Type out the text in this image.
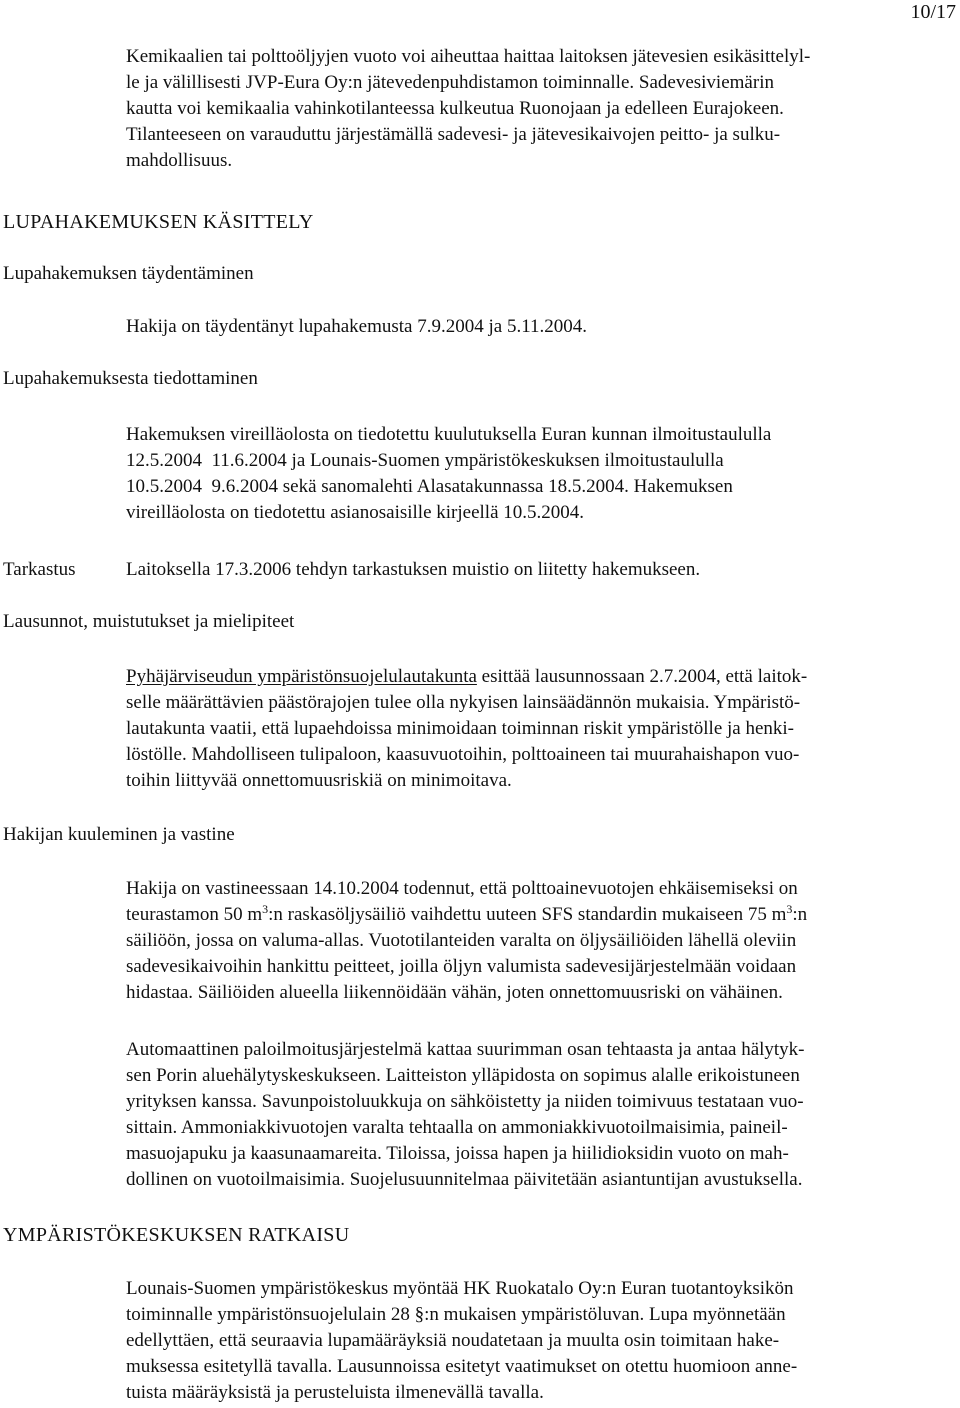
10/17

Kemikaalien tai polttoöljyjen vuoto voi aiheuttaa haittaa laitoksen jätevesien esikäsittelyl-
le ja välillisesti JVP-Eura Oy:n jätevedenpuhdistamon toiminnalle. Sadevesiviemärin
kautta voi kemikaalia vahinkotilanteessa kulkeutua Ruonojaan ja edelleen Eurajokeen.
Tilanteeseen on varauduttu järjestämällä sadevesi- ja jätevesikaivojen peitto- ja sulku-
mahdollisuus.

LUPAHAKEMUKSEN KÄSITTELY
Lupahakemuksen täydentäminen
Hakija on täydentänyt lupahakemusta 7.9.2004 ja 5.11.2004.
Lupahakemuksesta tiedottaminen

Hakemuksen vireilläolosta on tiedotettu kuulutuksella Euran kunnan ilmoitustaululla
12.5.2004  11.6.2004 ja Lounais-Suomen ympäristökeskuksen ilmoitustaululla
10.5.2004  9.6.2004 sekä sanomalehti Alasatakunnassa 18.5.2004. Hakemuksen
vireilläolosta on tiedotettu asianosaisille kirjeellä 10.5.2004.

Tarkastus	Laitoksella 17.3.2006 tehdyn tarkastuksen muistio on liitetty hakemukseen.
Lausunnot, muistutukset ja mielipiteet

Pyhäjärviseudun ympäristönsuojelulautakunta esittää lausunnossaan 2.7.2004, että laitok-
selle määrättävien päästörajojen tulee olla nykyisen lainsäädännön mukaisia. Ympäristö-
lautakunta vaatii, että lupaehdoissa minimoidaan toiminnan riskit ympäristölle ja henki-
löstölle. Mahdolliseen tulipaloon, kaasuvuotoihin, polttoaineen tai muurahaishapon vuo-
toihin liittyvää onnettomuusriskiä on minimoitava.

Hakijan kuuleminen ja vastine

Hakija on vastineessaan 14.10.2004 todennut, että polttoainevuotojen ehkäisemiseksi on
teurastamon 50 $m^3:n$ raskasöljysäiliö vaihdettu uuteen SFS standardin mukaiseen 75 $m^3:n$
säiliöön, jossa on valuma-allas. Vuototilanteiden varalta on öljysäiliöiden lähellä oleviin
sadevesikaivoihin hankittu peitteet, joilla öljyn valumista sadevesijärjestelmään voidaan
hidastaa. Säiliöiden alueella liikennöidään vähän, joten onnettomuusriski on vähäinen.

Automaattinen paloilmoitusjärjestelmä kattaa suurimman osan tehtaasta ja antaa hälytyk-
sen Porin aluehälytyskeskukseen. Laitteiston ylläpidosta on sopimus alalle erikoistuneen
yrityksen kanssa. Savunpoistoluukkuja on sähköistetty ja niiden toimivuus testataan vuo-
sittain. Ammoniakkivuotojen varalta tehtaalla on ammoniakkivuotoilmaisimia, paineil-
masuojapuku ja kaasunaamareita. Tiloissa, joissa hapen ja hiilidioksidin vuoto on mah-
dollinen on vuotoilmaisimia. Suojelusuunnitelmaa päivitetään asiantuntijan avustuksella.

YMPÄRISTÖKESKUKSEN RATKAISU

Lounais-Suomen ympäristökeskus myöntää HK Ruokatalo Oy:n Euran tuotantoyksikön
toiminnalle ympäristönsuojelulain 28 §:n mukaisen ympäristöluvan. Lupa myönnetään
edellyttäen, että seuraavia lupamääräyksiä noudatetaan ja muulta osin toimitaan hake-
muksessa esitetyllä tavalla. Lausunnoissa esitetyt vaatimukset on otettu huomioon anne-
tuista määräyksistä ja perusteluista ilmenevällä tavalla.
